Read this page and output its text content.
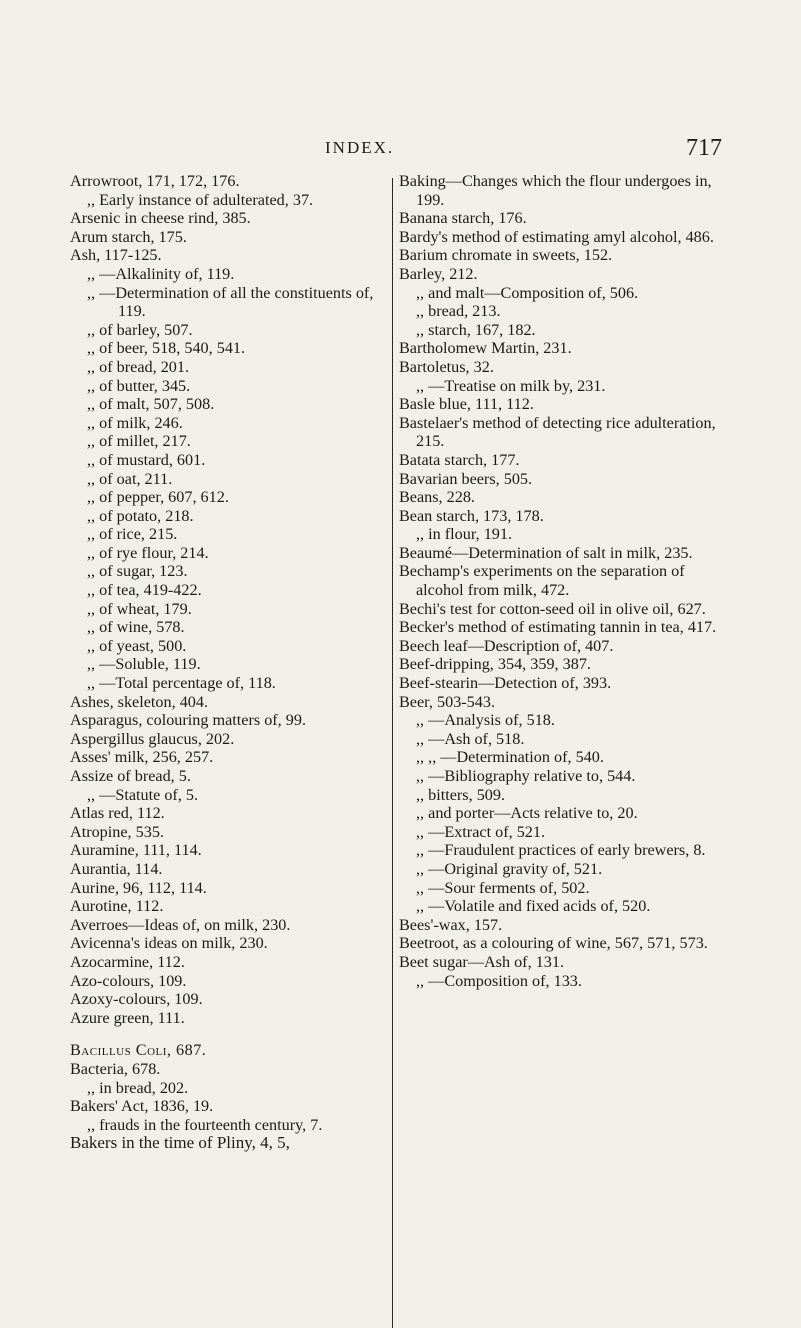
INDEX.	717
Arrowroot, 171, 172, 176.
,, Early instance of adulterated, 37.
Arsenic in cheese rind, 385.
Arum starch, 175.
Ash, 117-125.
,, —Alkalinity of, 119.
,, —Determination of all the constituents of, 119.
,, of barley, 507.
,, of beer, 518, 540, 541.
,, of bread, 201.
,, of butter, 345.
,, of malt, 507, 508.
,, of milk, 246.
,, of millet, 217.
,, of mustard, 601.
,, of oat, 211.
,, of pepper, 607, 612.
,, of potato, 218.
,, of rice, 215.
,, of rye flour, 214.
,, of sugar, 123.
,, of tea, 419-422.
,, of wheat, 179.
,, of wine, 578.
,, of yeast, 500.
,, —Soluble, 119.
,, —Total percentage of, 118.
Ashes, skeleton, 404.
Asparagus, colouring matters of, 99.
Aspergillus glaucus, 202.
Asses' milk, 256, 257.
Assize of bread, 5.
,, —Statute of, 5.
Atlas red, 112.
Atropine, 535.
Auramine, 111, 114.
Aurantia, 114.
Aurine, 96, 112, 114.
Aurotine, 112.
Averroes—Ideas of, on milk, 230.
Avicenna's ideas on milk, 230.
Azocarmine, 112.
Azo-colours, 109.
Azoxy-colours, 109.
Azure green, 111.
Bacillus Coli, 687.
Bacteria, 678.
,, in bread, 202.
Bakers' Act, 1836, 19.
,, frauds in the fourteenth century, 7.
Bakers in the time of Pliny, 4, 5,
Baking—Changes which the flour undergoes in, 199.
Banana starch, 176.
Bardy's method of estimating amyl alcohol, 486.
Barium chromate in sweets, 152.
Barley, 212.
,, and malt—Composition of, 506.
,, bread, 213.
,, starch, 167, 182.
Bartholomew Martin, 231.
Bartoletus, 32.
,, —Treatise on milk by, 231.
Basle blue, 111, 112.
Bastelaer's method of detecting rice adulteration, 215.
Batata starch, 177.
Bavarian beers, 505.
Beans, 228.
Bean starch, 173, 178.
,, in flour, 191.
Beaumé—Determination of salt in milk, 235.
Bechamp's experiments on the separation of alcohol from milk, 472.
Bechi's test for cotton-seed oil in olive oil, 627.
Becker's method of estimating tannin in tea, 417.
Beech leaf—Description of, 407.
Beef-dripping, 354, 359, 387.
Beef-stearin—Detection of, 393.
Beer, 503-543.
,, —Analysis of, 518.
,, —Ash of, 518.
,, ,, —Determination of, 540.
,, —Bibliography relative to, 544.
,, bitters, 509.
,, and porter—Acts relative to, 20.
,, —Extract of, 521.
,, —Fraudulent practices of early brewers, 8.
,, —Original gravity of, 521.
,, —Sour ferments of, 502.
,, —Volatile and fixed acids of, 520.
Bees'-wax, 157.
Beetroot, as a colouring of wine, 567, 571, 573.
Beet sugar—Ash of, 131.
,, —Composition of, 133.
